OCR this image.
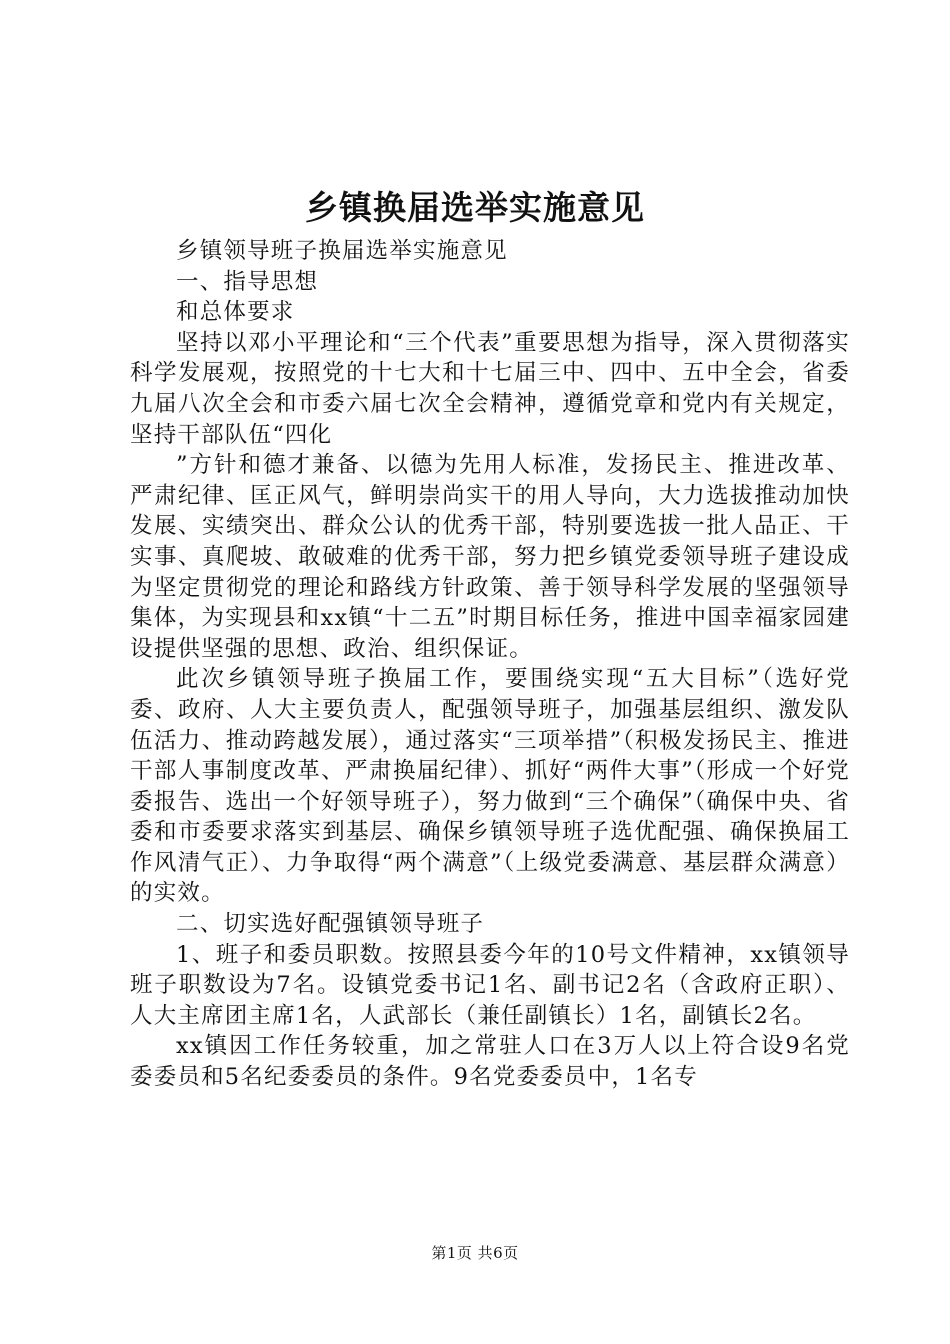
乡镇换届选举实施意见

乡镇领导班子换届选举实施意见

一、指导思想

和总体要求

坚持以邓小平理论和“三个代表”重要思想为指导，深入贯彻落实科学发展观，按照党的十七大和十七届三中、四中、五中全会，省委九届八次全会和市委六届七次全会精神，遵循党章和党内有关规定，坚持干部队伍“四化

”方针和德才兼备、以德为先用人标准，发扬民主、推进改革、严肃纪律、匡正风气，鲜明崇尚实干的用人导向，大力选拔推动加快发展、实绩突出、群众公认的优秀干部，特别要选拔一批人品正、干实事、真爬坡、敢破难的优秀干部，努力把乡镇党委领导班子建设成为坚定贯彻党的理论和路线方针政策、善于领导科学发展的坚强领导集体，为实现县和xx镇“十二五”时期目标任务，推进中国幸福家园建设提供坚强的思想、政治、组织保证。

此次乡镇领导班子换届工作，要围绕实现“五大目标”（选好党委、政府、人大主要负责人，配强领导班子，加强基层组织、激发队伍活力、推动跨越发展），通过落实“三项举措”（积极发扬民主、推进干部人事制度改革、严肃换届纪律）、抓好“两件大事”（形成一个好党委报告、选出一个好领导班子），努力做到“三个确保”（确保中央、省委和市委要求落实到基层、确保乡镇领导班子选优配强、确保换届工作风清气正）、力争取得“两个满意”（上级党委满意、基层群众满意）的实效。

二、切实选好配强镇领导班子

1、班子和委员职数。按照县委今年的10号文件精神，xx镇领导班子职数设为7名。设镇党委书记1名、副书记2名（含政府正职）、人大主席团主席1名，人武部长（兼任副镇长）1名，副镇长2名。

xx镇因工作任务较重，加之常驻人口在3万人以上符合设9名党委委员和5名纪委委员的条件。9名党委委员中，1名专

第1页 共6页
